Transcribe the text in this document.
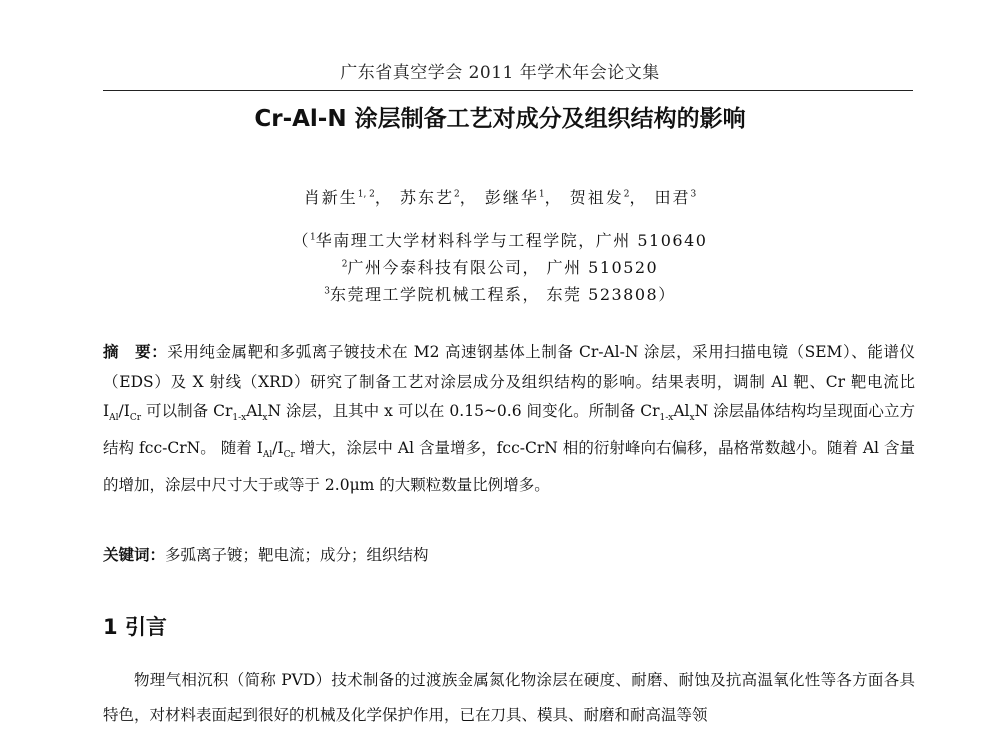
广东省真空学会 2011 年学术年会论文集
Cr-Al-N 涂层制备工艺对成分及组织结构的影响
肖新生$^{1, 2}$， 苏东艺$^2$， 彭继华$^1$， 贺祖发$^2$， 田君$^3$
（$^1$华南理工大学材料科学与工程学院，广州 510640
$^2$广州今泰科技有限公司， 广州 510520
$^3$东莞理工学院机械工程系， 东莞 523808）
摘　要：采用纯金属靶和多弧离子镀技术在 M2 高速钢基体上制备 Cr-Al-N 涂层，采用扫描电镜（SEM）、能谱仪（EDS）及 X 射线（XRD）研究了制备工艺对涂层成分及组织结构的影响。结果表明，调制 Al 靶、Cr 靶电流比 $I_{Al}/I_{Cr}$ 可以制备 $Cr_{1-x}Al_xN$ 涂层，且其中 x 可以在 0.15~0.6 间变化。所制备 $Cr_{1-x}Al_xN$ 涂层晶体结构均呈现面心立方结构 fcc-CrN。 随着 $I_{Al}/I_{Cr}$ 增大，涂层中 Al 含量增多，fcc-CrN 相的衍射峰向右偏移，晶格常数越小。随着 Al 含量的增加，涂层中尺寸大于或等于 2.0μm 的大颗粒数量比例增多。
关键词：多弧离子镀；靶电流；成分；组织结构
1 引言
物理气相沉积（简称 PVD）技术制备的过渡族金属氮化物涂层在硬度、耐磨、耐蚀及抗高温氧化性等各方面各具特色，对材料表面起到很好的机械及化学保护作用，已在刀具、模具、耐磨和耐高温等领
